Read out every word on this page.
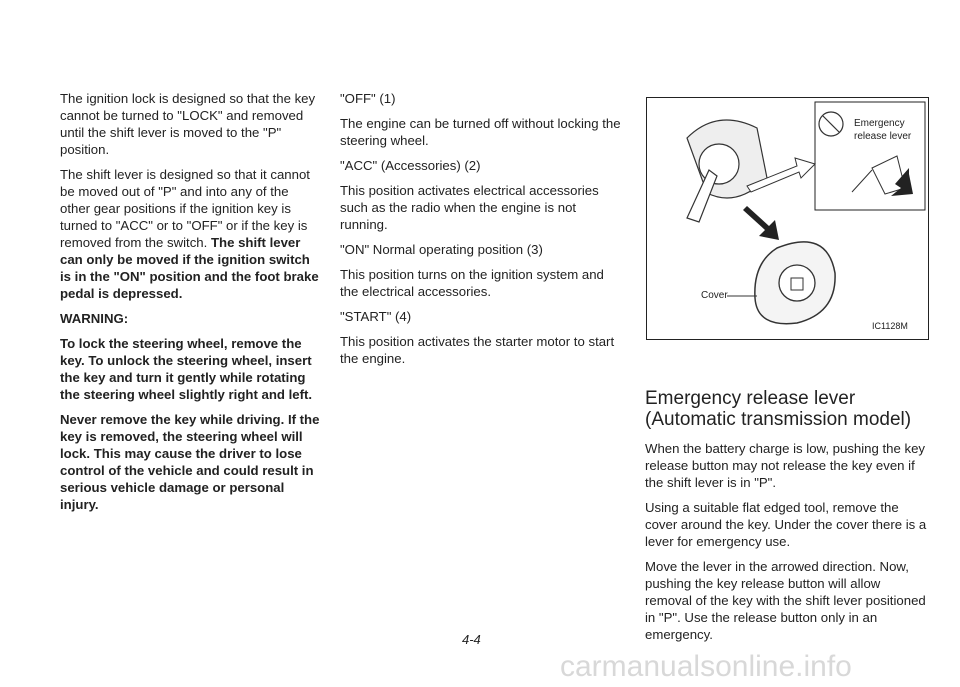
The ignition lock is designed so that the key cannot be turned to "LOCK" and removed until the shift lever is moved to the "P" position.

The shift lever is designed so that it cannot be moved out of "P" and into any of the other gear positions if the ignition key is turned to "ACC" or to "OFF" or if the key is removed from the switch. The shift lever can only be moved if the ignition switch is in the "ON" position and the foot brake pedal is depressed.

WARNING:

To lock the steering wheel, remove the key. To unlock the steering wheel, insert the key and turn it gently while rotating the steering wheel slightly right and left.

Never remove the key while driving. If the key is removed, the steering wheel will lock. This may cause the driver to lose control of the vehicle and could result in serious vehicle damage or personal injury.

"OFF" (1)

The engine can be turned off without locking the steering wheel.

"ACC" (Accessories) (2)

This position activates electrical accessories such as the radio when the engine is not running.

"ON" Normal operating position (3)

This position turns on the ignition system and the electrical accessories.

"START" (4)

This position activates the starter motor to start the engine.

Emergency
release lever
Cover
IC1128M
Emergency release lever
(Automatic transmission model)

When the battery charge is low, pushing the key release button may not release the key even if the shift lever is in "P".

Using a suitable flat edged tool, remove the cover around the key. Under the cover there is a lever for emergency use.

Move the lever in the arrowed direction. Now, pushing the key release button will allow removal of the key with the shift lever positioned in "P". Use the release button only in an emergency.

4-4
carmanualsonline.info
